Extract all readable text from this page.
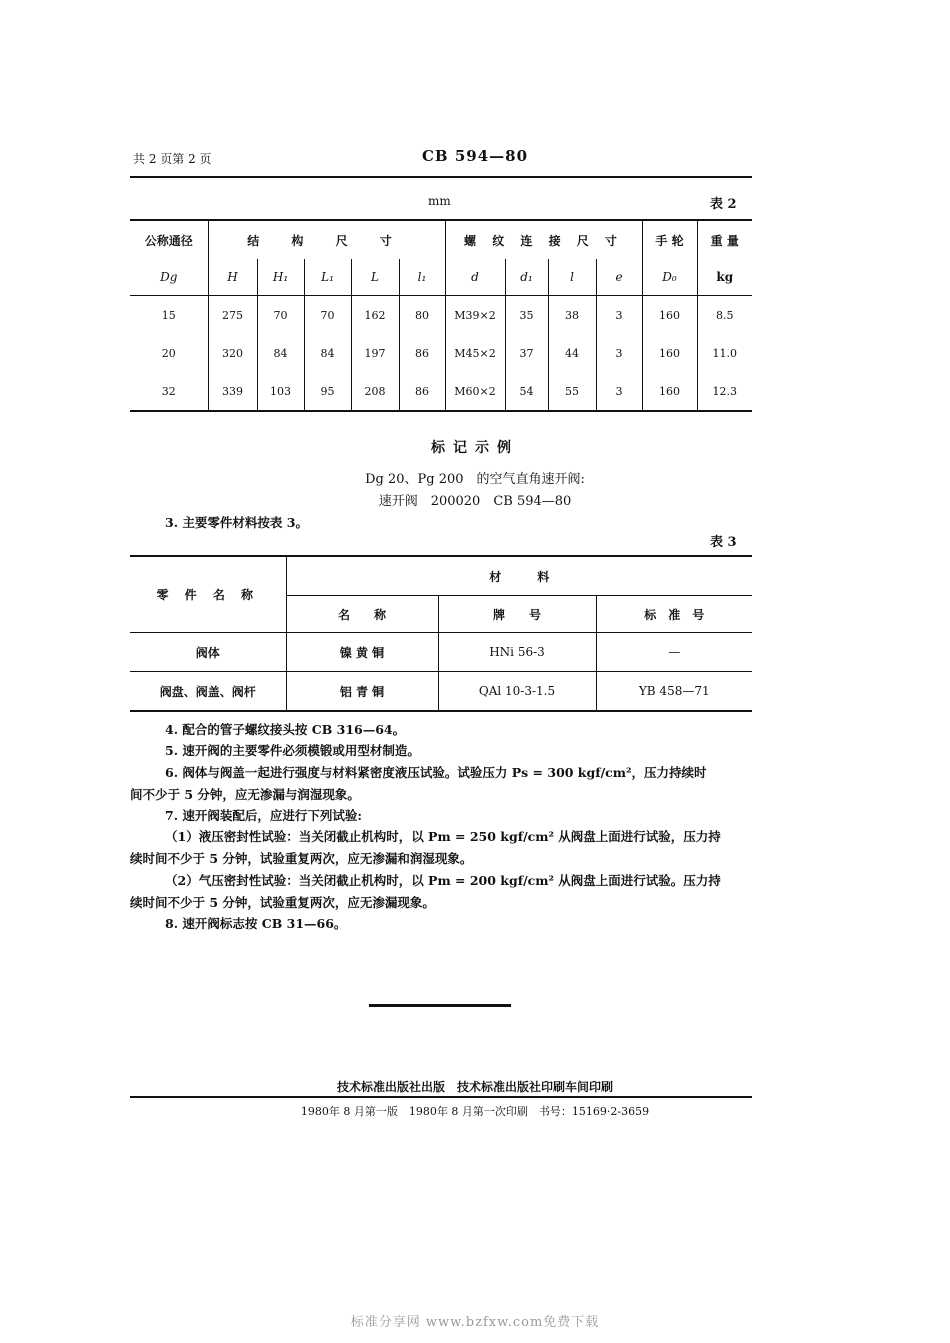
共 2 页第 2 页	CB 594—80
mm	表 2
公称通径	结 构 尺 寸					螺 纹 连 接 尺 寸				手 轮	重 量
Dg	H	H₁	L₁	L	l₁	d	d₁	l	e	D₀	kg
15	275	70	70	162	80	M39×2	35	38	3	160	8.5
20	320	84	84	197	86	M45×2	37	44	3	160	11.0
32	339	103	95	208	86	M60×2	54	55	3	160	12.3
标记示例
Dg 20、Pg 200　的空气直角速开阀:
速开阀　200020　CB 594—80
3. 主要零件材料按表 3。
表 3
零 件 名 称	材　　　料		
	名　　称	牌　　号	标　准　号
阀体	镍 黄 铜	HNi 56-3	—
阀盘、阀盖、阀杆	铝 青 铜	QAl 10-3-1.5	YB 458—71
4. 配合的管子螺纹接头按 CB 316—64。
5. 速开阀的主要零件必须模锻或用型材制造。
6. 阀体与阀盖一起进行强度与材料紧密度液压试验。试验压力 Ps = 300 kgf/cm²，压力持续时
间不少于 5 分钟，应无渗漏与润湿现象。
7. 速开阀装配后，应进行下列试验:
（1）液压密封性试验：当关闭截止机构时，以 Pm = 250 kgf/cm² 从阀盘上面进行试验，压力持
续时间不少于 5 分钟，试验重复两次，应无渗漏和润湿现象。
（2）气压密封性试验：当关闭截止机构时，以 Pm = 200 kgf/cm² 从阀盘上面进行试验。压力持
续时间不少于 5 分钟，试验重复两次，应无渗漏现象。
8. 速开阀标志按 CB 31—66。
技术标准出版社出版　技术标准出版社印刷车间印刷
1980年 8 月第一版　1980年 8 月第一次印刷　书号：15169·2-3659
标准分享网 www.bzfxw.com免费下载
